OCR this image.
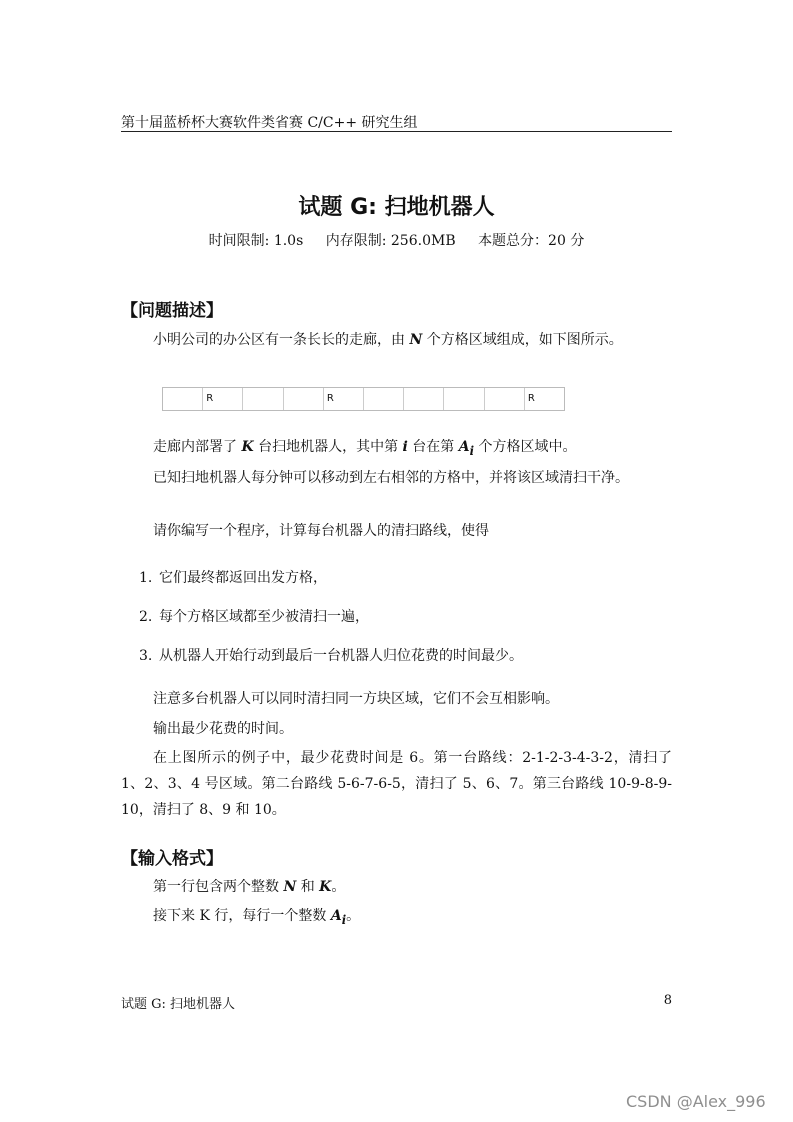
第十届蓝桥杯大赛软件类省赛 C/C++ 研究生组
试题 G: 扫地机器人
时间限制: 1.0s 内存限制: 256.0MB 本题总分：20 分
【问题描述】

小明公司的办公区有一条长长的走廊，由 N 个方格区域组成，如下图所示。

R	R	R

走廊内部署了 K 台扫地机器人，其中第 i 台在第 $A_i$ 个方格区域中。

已知扫地机器人每分钟可以移动到左右相邻的方格中，并将该区域清扫干净。

请你编写一个程序，计算每台机器人的清扫路线，使得

1. 它们最终都返回出发方格，
2. 每个方格区域都至少被清扫一遍，
3. 从机器人开始行动到最后一台机器人归位花费的时间最少。

注意多台机器人可以同时清扫同一方块区域，它们不会互相影响。

输出最少花费的时间。

在上图所示的例子中，最少花费时间是 6。第一台路线：2-1-2-3-4-3-2，清扫了 1、2、3、4 号区域。第二台路线 5-6-7-6-5，清扫了 5、6、7。第三台路线 10-9-8-9-10，清扫了 8、9 和 10。

【输入格式】

第一行包含两个整数 N 和 K。

接下来 K 行，每行一个整数 $A_i$。

试题 G: 扫地机器人	8
CSDN @Alex_996
